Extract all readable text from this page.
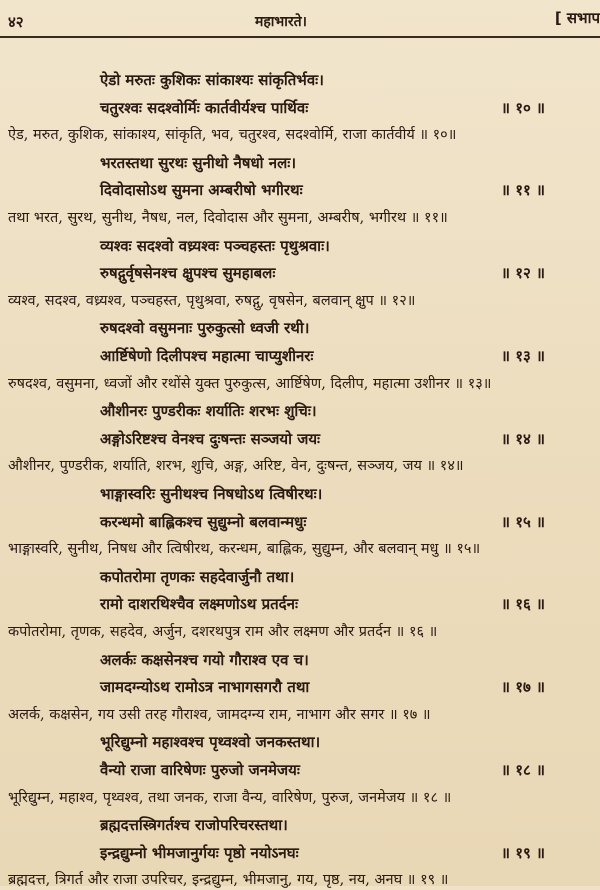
४२	महाभारते।	[ सभाप
ऐडो मरुतः कुशिकः सांकाश्यः सांकृतिर्भवः।
चतुरश्वः सदश्वोर्मिः कार्तवीर्यश्च पार्थिवः	॥ १० ॥
ऐड, मरुत, कुशिक, सांकाश्य, सांकृति, भव, चतुरश्व, सदश्वोर्मि, राजा कार्तवीर्य ॥ १०॥
भरतस्तथा सुरथः सुनीथो नैषधो नलः।
दिवोदासोऽथ सुमना अम्बरीषो भगीरथः	॥ ११ ॥
तथा भरत, सुरथ, सुनीथ, नैषध, नल, दिवोदास और सुमना, अम्बरीष, भगीरथ ॥ ११॥
व्यश्वः सदश्वो वध्र्यश्वः पञ्चहस्तः पृथुश्रवाः।
रुषद्गुर्वृषसेनश्च क्षुपश्च सुमहाबलः	॥ १२ ॥
व्यश्व, सदश्व, वध्र्यश्व, पञ्चहस्त, पृथुश्रवा, रुषद्गु, वृषसेन, बलवान् क्षुप ॥ १२॥
रुषदश्वो वसुमनाः पुरुकुत्सो ध्वजी रथी।
आर्ष्टिषेणो दिलीपश्च महात्मा चाप्युशीनरः	॥ १३ ॥
रुषदश्व, वसुमना, ध्वजों और रथोंसे युक्त पुरुकुत्स, आर्ष्टिषेण, दिलीप, महात्मा उशीनर ॥ १३॥
औशीनरः पुण्डरीकः शर्यातिः शरभः शुचिः।
अङ्गोऽरिष्टश्च वेनश्च दुःषन्तः सञ्जयो जयः	॥ १४ ॥
औशीनर, पुण्डरीक, शर्याति, शरभ, शुचि, अङ्ग, अरिष्ट, वेन, दुःषन्त, सञ्जय, जय ॥ १४॥
भाङ्गास्वरिः सुनीथश्च निषधोऽथ त्विषीरथः।
करन्धमो बाह्लिकश्च सुद्युम्नो बलवान्मधुः	॥ १५ ॥
भाङ्गास्वरि, सुनीथ, निषध और त्विषीरथ, करन्धम, बाह्लिक, सुद्युम्न, और बलवान् मधु ॥ १५॥
कपोतरोमा तृणकः सहदेवार्जुनौ तथा।
रामो दाशरथिश्चैव लक्ष्मणोऽथ प्रतर्दनः	॥ १६ ॥
कपोतरोमा, तृणक, सहदेव, अर्जुन, दशरथपुत्र राम और लक्ष्मण और प्रतर्दन ॥ १६ ॥
अलर्कः कक्षसेनश्च गयो गौराश्व एव च।
जामदग्न्योऽथ रामोऽत्र नाभागसगरौ तथा	॥ १७ ॥
अलर्क, कक्षसेन, गय उसी तरह गौराश्व, जामदग्न्य राम, नाभाग और सगर ॥ १७ ॥
भूरिद्युम्नो महाश्वश्च पृथ्वश्वो जनकस्तथा।
वैन्यो राजा वारिषेणः पुरुजो जनमेजयः	॥ १८ ॥
भूरिद्युम्न, महाश्व, पृथ्वश्व, तथा जनक, राजा वैन्य, वारिषेण, पुरुज, जनमेजय ॥ १८ ॥
ब्रह्मदत्तस्त्रिगर्तश्च राजोपरिचरस्तथा।
इन्द्रद्युम्नो भीमजानुर्गयः पृष्ठो नयोऽनघः	॥ १९ ॥
ब्रह्मदत्त, त्रिगर्त और राजा उपरिचर, इन्द्रद्युम्न, भीमजानु, गय, पृष्ठ, नय, अनघ ॥ १९ ॥
